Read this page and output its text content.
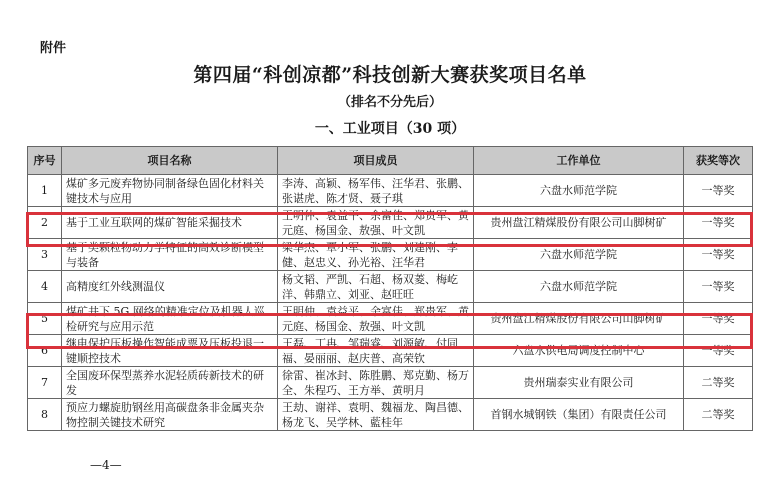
附件
第四届“科创凉都”科技创新大赛获奖项目名单
（排名不分先后）
一、工业项目（30 项）
序号	项目名称	项目成员	工作单位	获奖等次
1	煤矿多元废弃物协同制备绿色固化材料关键技术与应用	李涛、高颖、杨军伟、汪华君、张鹏、张谌虎、陈才贤、聂子琪	六盘水师范学院	一等奖
2	基于工业互联网的煤矿智能采掘技术	王明仲、袁益平、余富佳、郑贵军、黄元庭、杨国金、敖强、叶文凯	贵州盘江精煤股份有限公司山脚树矿	一等奖
3	基于类颗粒物动力学特征的高效诊断模型与装备	梁华杰、覃小军、张鹏、刘建刚、李健、赵忠义、孙光裕、汪华君	六盘水师范学院	一等奖
4	高精度红外线测温仪	杨文韬、严凯、石超、杨双菱、梅屹洋、韩鼎立、刘亚、赵旺旺	六盘水师范学院	一等奖
5	煤矿井下 5G 网络的精准定位及机器人巡检研究与应用示范	王明仲、袁益平、余富佳、郑贵军、黄元庭、杨国金、敖强、叶文凯	贵州盘江精煤股份有限公司山脚树矿	一等奖
6	继电保护压板操作智能成票及压板投退一键顺控技术	王磊、丁冉、邹瑞睿、刘源敏、付同福、晏丽丽、赵庆普、高荣钦	六盘水供电局调度控制中心	一等奖
7	全国废环保型蒸养水泥轻质砖新技术的研发	徐雷、崔冰封、陈胜鹏、郑克勤、杨万全、朱程巧、王方举、黄明月	贵州瑞泰实业有限公司	二等奖
8	预应力螺旋肋钢丝用高碳盘条非金属夹杂物控制关键技术研究	王劫、谢祥、袁明、魏福龙、陶昌德、杨龙飞、吴学林、藍桂年	首钢水城钢铁（集团）有限责任公司	二等奖
—4—
